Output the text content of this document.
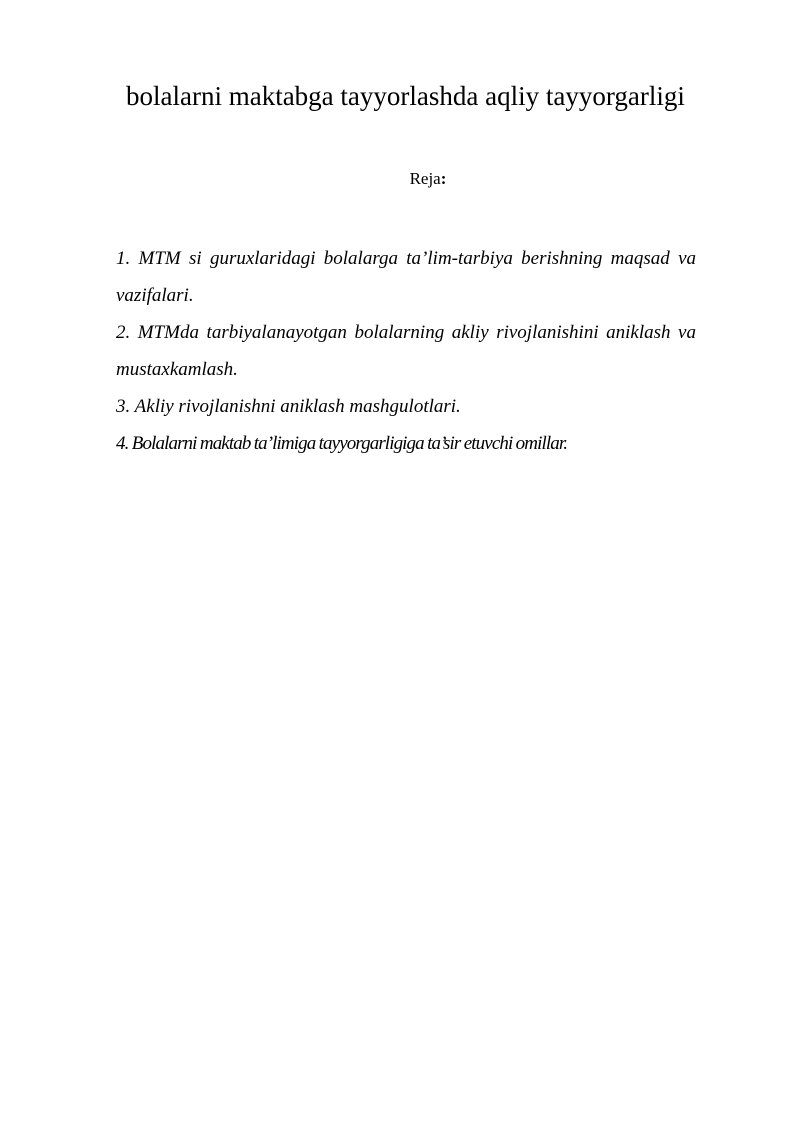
bolalarni maktabga tayyorlashda aqliy tayyorgarligi
Reja:
1. MTM si guruxlaridagi bolalarga ta’lim-tarbiya berishning maqsad va vazifalari.
2. MTMda tarbiyalanayotgan bolalarning akliy rivojlanishini aniklash va mustaxkamlash.
3. Akliy rivojlanishni aniklash mashgulotlari.
4. Bolalarni maktab ta’limiga tayyorgarligiga ta’sir etuvchi omillar.
